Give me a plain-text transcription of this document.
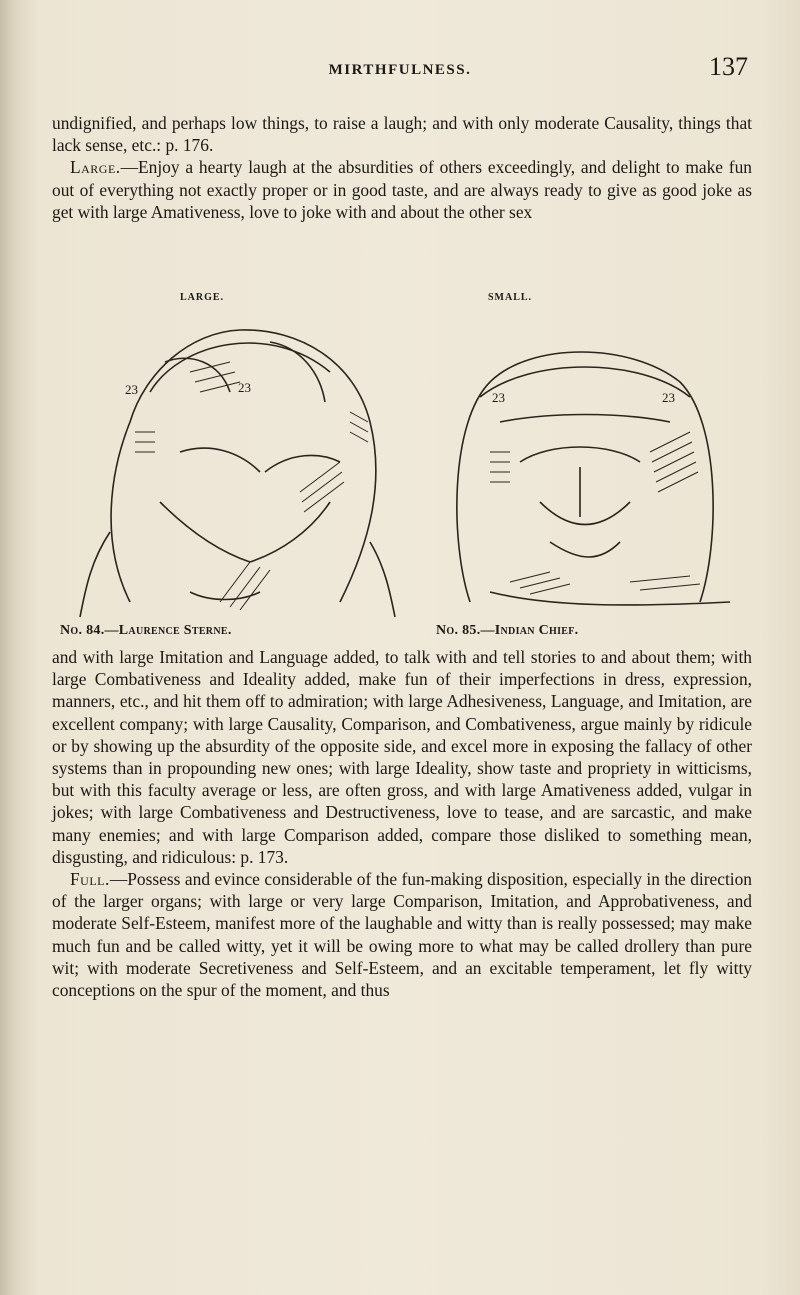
MIRTHFULNESS.	137

undignified, and perhaps low things, to raise a laugh; and with only moderate Causality, things that lack sense, etc.: p. 176.

Large.—Enjoy a hearty laugh at the absurdities of others exceedingly, and delight to make fun out of everything not exactly proper or in good taste, and are always ready to give as good joke as get with large Amativeness, love to joke with and about the other sex

LARGE.
23	23
SMALL.
23	23
No. 84.—Laurence Sterne.	No. 85.—Indian Chief.

and with large Imitation and Language added, to talk with and tell stories to and about them; with large Combativeness and Ideality added, make fun of their imperfections in dress, expression, manners, etc., and hit them off to admiration; with large Adhesiveness, Language, and Imitation, are excellent company; with large Causality, Comparison, and Combativeness, argue mainly by ridicule or by showing up the absurdity of the opposite side, and excel more in exposing the fallacy of other systems than in propounding new ones; with large Ideality, show taste and propriety in witticisms, but with this faculty average or less, are often gross, and with large Amativeness added, vulgar in jokes; with large Combativeness and Destructiveness, love to tease, and are sarcastic, and make many enemies; and with large Comparison added, compare those disliked to something mean, disgusting, and ridiculous: p. 173.

Full.—Possess and evince considerable of the fun-making disposition, especially in the direction of the larger organs; with large or very large Comparison, Imitation, and Approbativeness, and moderate Self-Esteem, manifest more of the laughable and witty than is really possessed; may make much fun and be called witty, yet it will be owing more to what may be called drollery than pure wit; with moderate Secretiveness and Self-Esteem, and an excitable temperament, let fly witty conceptions on the spur of the moment, and thus
